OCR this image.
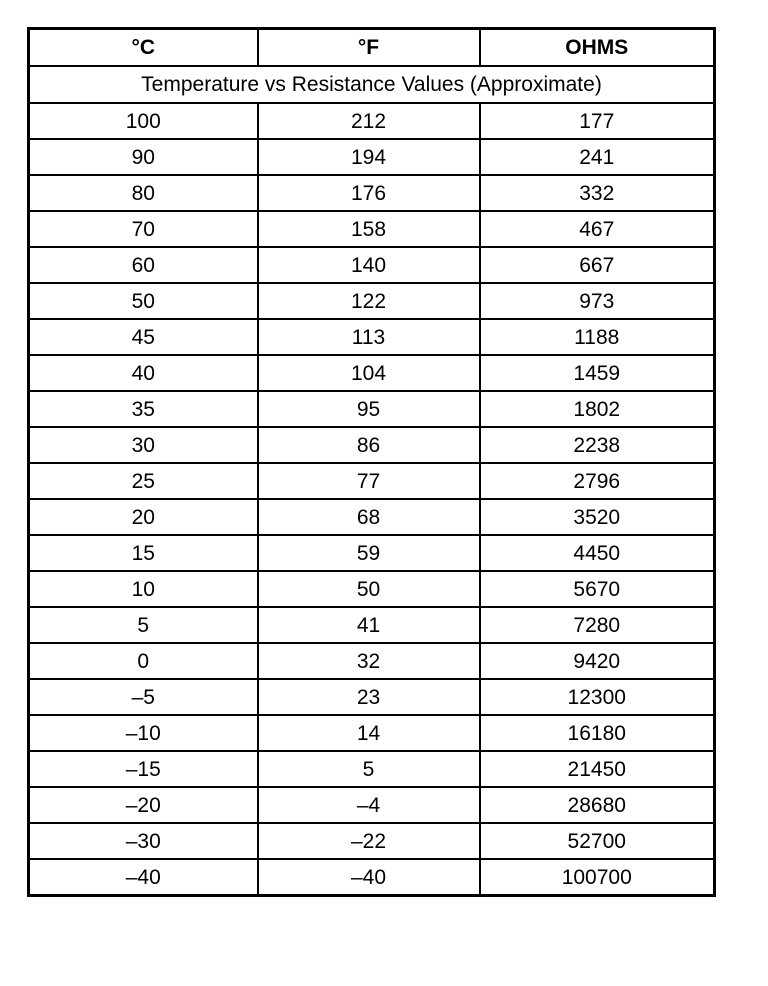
°C	°F	OHMS
Temperature vs Resistance Values (Approximate)		
100	212	177
90	194	241
80	176	332
70	158	467
60	140	667
50	122	973
45	113	1188
40	104	1459
35	95	1802
30	86	2238
25	77	2796
20	68	3520
15	59	4450
10	50	5670
5	41	7280
0	32	9420
–5	23	12300
–10	14	16180
–15	5	21450
–20	–4	28680
–30	–22	52700
–40	–40	100700
